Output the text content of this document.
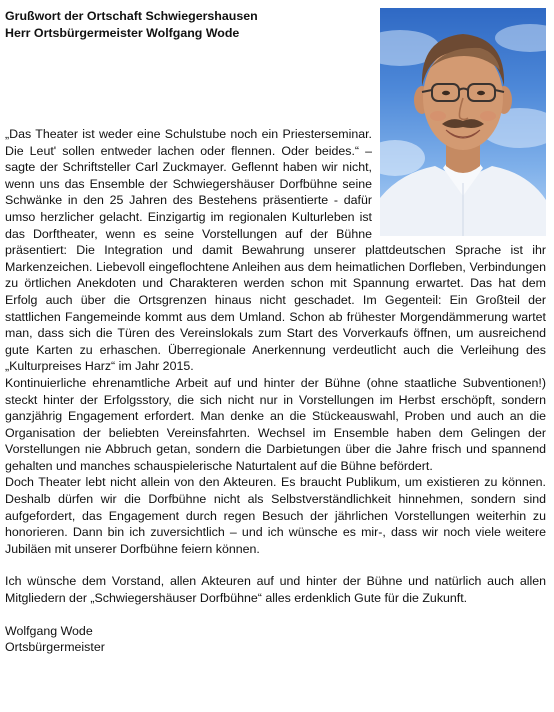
Grußwort der Ortschaft Schwiegershausen

Herr Ortsbürgermeister Wolfgang Wode

„Das Theater ist weder eine Schulstube noch ein Priesterseminar. Die Leut' sollen entweder lachen oder flennen. Oder beides.“ – sagte der Schriftsteller Carl Zuckmayer. Geflennt haben wir nicht, wenn uns das Ensemble der Schwiegershäuser Dorfbühne seine Schwänke in den 25 Jahren des Bestehens präsentierte - dafür umso herzlicher gelacht. Einzigartig im regionalen Kulturleben ist das Dorftheater, wenn es seine Vorstellungen auf der Bühne präsentiert: Die Integration und damit Bewahrung unserer plattdeutschen Sprache ist ihr Markenzeichen. Liebevoll eingeflochtene Anleihen aus dem heimatlichen Dorfleben, Verbindungen zu örtlichen Anekdoten und Charakteren werden schon mit Spannung erwartet. Das hat dem Erfolg auch über die Ortsgrenzen hinaus nicht geschadet. Im Gegenteil: Ein Großteil der stattlichen Fangemeinde kommt aus dem Umland. Schon ab frühester Morgendämmerung wartet man, dass sich die Türen des Vereinslokals zum Start des Vorverkaufs öffnen, um ausreichend gute Karten zu erhaschen. Überregionale Anerkennung verdeutlicht auch die Verleihung des „Kulturpreises Harz“ im Jahr 2015.

Kontinuierliche ehrenamtliche Arbeit auf und hinter der Bühne (ohne staatliche Subventionen!) steckt hinter der Erfolgsstory, die sich nicht nur in Vorstellungen im Herbst erschöpft, sondern ganzjährig Engagement erfordert. Man denke an die Stückeauswahl, Proben und auch an die Organisation der beliebten Vereinsfahrten. Wechsel im Ensemble haben dem Gelingen der Vorstellungen nie Abbruch getan, sondern die Darbietungen über die Jahre frisch und spannend gehalten und manches schauspielerische Naturtalent auf die Bühne befördert.

Doch Theater lebt nicht allein von den Akteuren. Es braucht Publikum, um existieren zu können. Deshalb dürfen wir die Dorfbühne nicht als Selbstverständlichkeit hinnehmen, sondern sind aufgefordert, das Engagement durch regen Besuch der jährlichen Vorstellungen weiterhin zu honorieren. Dann bin ich zuversichtlich – und ich wünsche es mir-, dass wir noch viele weitere Jubiläen mit unserer Dorfbühne feiern können.

Ich wünsche dem Vorstand, allen Akteuren auf und hinter der Bühne und natürlich auch allen Mitgliedern der „Schwiegershäuser Dorfbühne“ alles erdenklich Gute für die Zukunft.

Wolfgang Wode

Ortsbürgermeister
